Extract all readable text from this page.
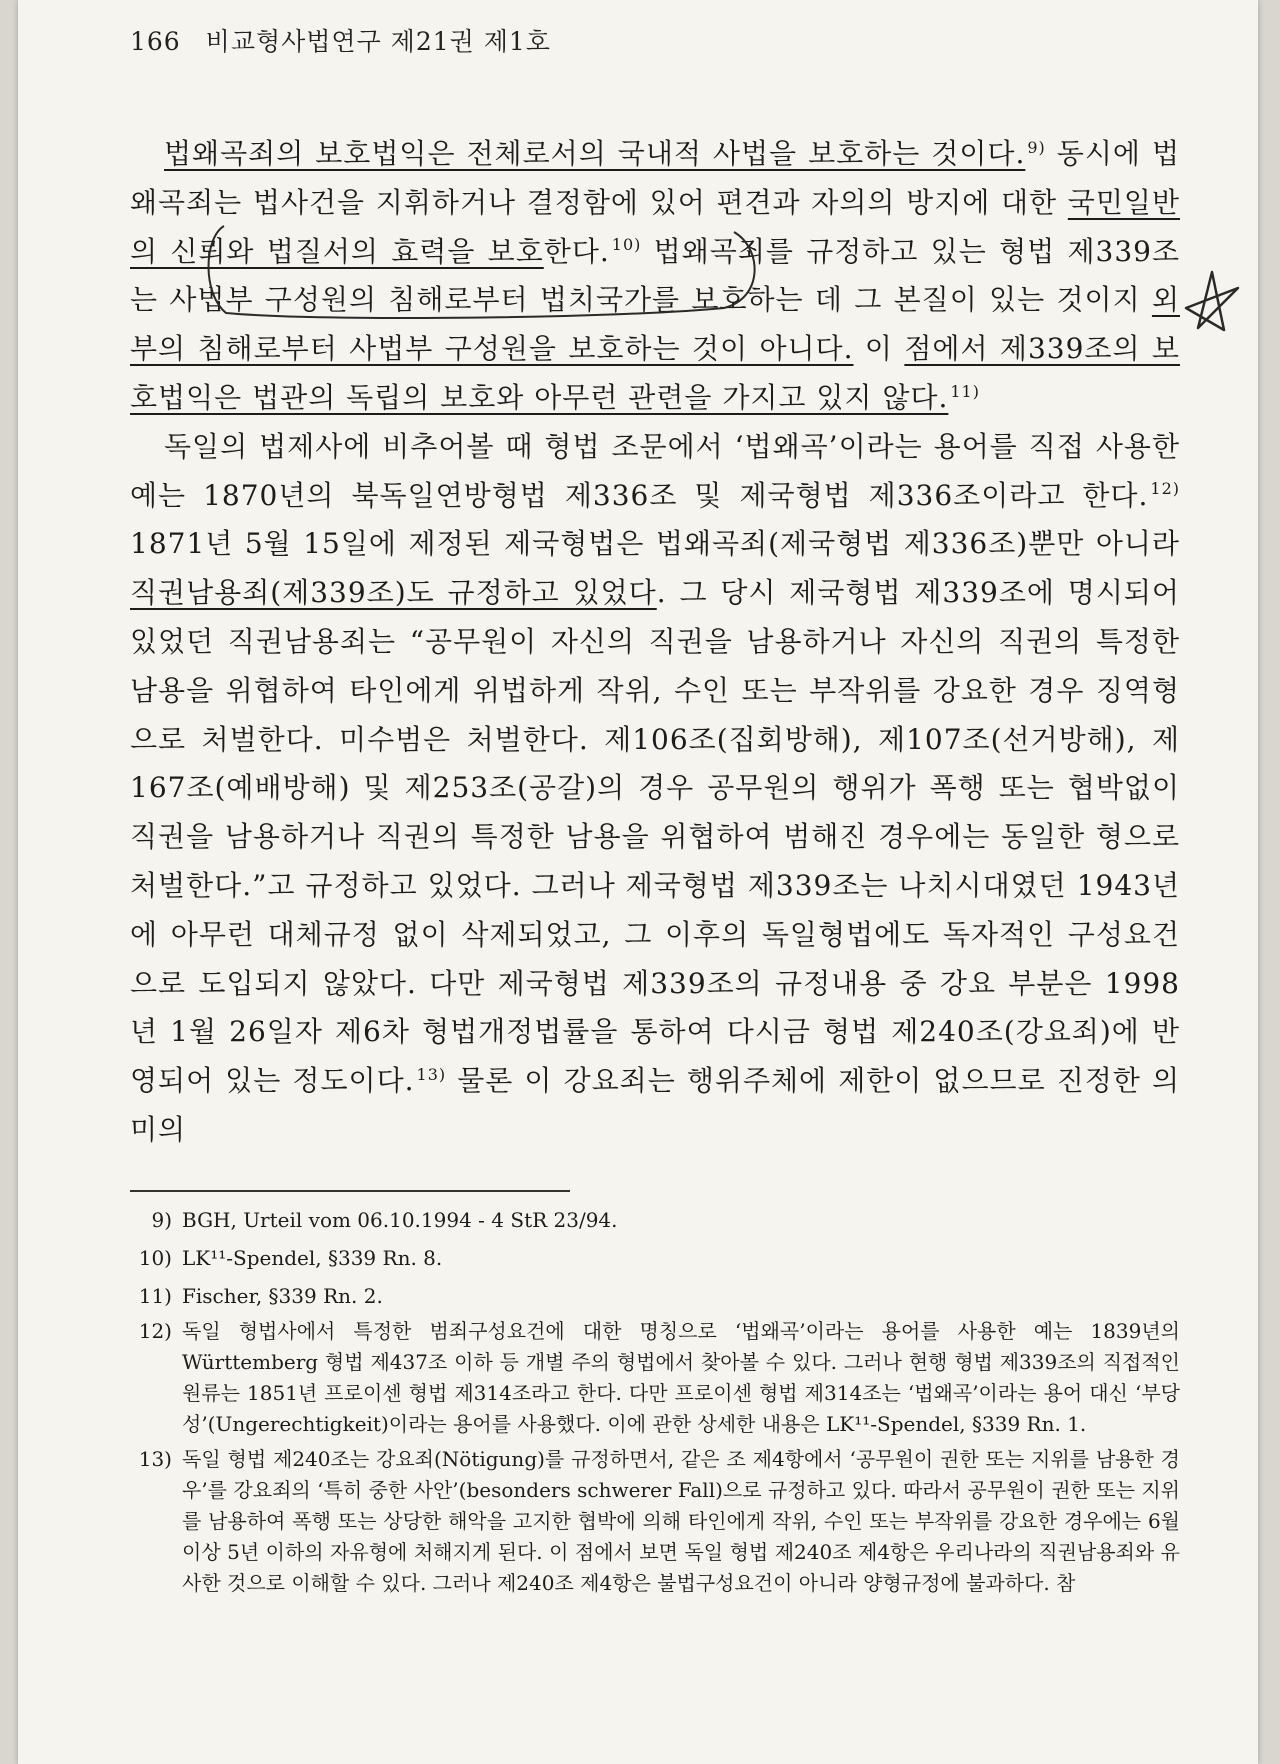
166 비교형사법연구 제21권 제1호

법왜곡죄의 보호법익은 전체로서의 국내적 사법을 보호하는 것이다. $^{9)}$ 동시에 법왜곡죄는 법사건을 지휘하거나 결정함에 있어 편견과 자의의 방지에 대한 국민일반의 신뢰와 법질서의 효력을 보호한다. $^{10)}$ 법왜곡죄를 규정하고 있는 형법 제339조는 사법부 구성원의 침해로부터 법치국가를 보호하는 데 그 본질이 있는 것이지 외부의 침해로부터 사법부 구성원을 보호하는 것이 아니다. 이 점에서 제339조의 보호법익은 법관의 독립의 보호와 아무런 관련을 가지고 있지 않다. $^{11)}$

독일의 법제사에 비추어볼 때 형법 조문에서 ‘법왜곡’이라는 용어를 직접 사용한 예는 1870년의 북독일연방형법 제336조 및 제국형법 제336조이라고 한다. $^{12)}$ 1871년 5월 15일에 제정된 제국형법은 법왜곡죄(제국형법 제336조)뿐만 아니라 직권남용죄(제339조)도 규정하고 있었다. 그 당시 제국형법 제339조에 명시되어 있었던 직권남용죄는 “공무원이 자신의 직권을 남용하거나 자신의 직권의 특정한 남용을 위협하여 타인에게 위법하게 작위, 수인 또는 부작위를 강요한 경우 징역형으로 처벌한다. 미수범은 처벌한다. 제106조(집회방해), 제107조(선거방해), 제167조(예배방해) 및 제253조(공갈)의 경우 공무원의 행위가 폭행 또는 협박없이 직권을 남용하거나 직권의 특정한 남용을 위협하여 범해진 경우에는 동일한 형으로 처벌한다.”고 규정하고 있었다. 그러나 제국형법 제339조는 나치시대였던 1943년에 아무런 대체규정 없이 삭제되었고, 그 이후의 독일형법에도 독자적인 구성요건으로 도입되지 않았다. 다만 제국형법 제339조의 규정내용 중 강요 부분은 1998년 1월 26일자 제6차 형법개정법률을 통하여 다시금 형법 제240조(강요죄)에 반영되어 있는 정도이다. $^{13)}$ 물론 이 강요죄는 행위주체에 제한이 없으므로 진정한 의미의

9) BGH, Urteil vom 06.10.1994 - 4 StR 23/94.
10) LK¹¹-Spendel, §339 Rn. 8.
11) Fischer, §339 Rn. 2.
12) 독일 형법사에서 특정한 범죄구성요건에 대한 명칭으로 ‘법왜곡’이라는 용어를 사용한 예는 1839년의 Württemberg 형법 제437조 이하 등 개별 주의 형법에서 찾아볼 수 있다. 그러나 현행 형법 제339조의 직접적인 원류는 1851년 프로이센 형법 제314조라고 한다. 다만 프로이센 형법 제314조는 ‘법왜곡’이라는 용어 대신 ‘부당성’(Ungerechtigkeit)이라는 용어를 사용했다. 이에 관한 상세한 내용은 LK¹¹-Spendel, §339 Rn. 1.
13) 독일 형법 제240조는 강요죄(Nötigung)를 규정하면서, 같은 조 제4항에서 ‘공무원이 권한 또는 지위를 남용한 경우’를 강요죄의 ‘특히 중한 사안’(besonders schwerer Fall)으로 규정하고 있다. 따라서 공무원이 권한 또는 지위를 남용하여 폭행 또는 상당한 해악을 고지한 협박에 의해 타인에게 작위, 수인 또는 부작위를 강요한 경우에는 6월 이상 5년 이하의 자유형에 처해지게 된다. 이 점에서 보면 독일 형법 제240조 제4항은 우리나라의 직권남용죄와 유사한 것으로 이해할 수 있다. 그러나 제240조 제4항은 불법구성요건이 아니라 양형규정에 불과하다. 참
